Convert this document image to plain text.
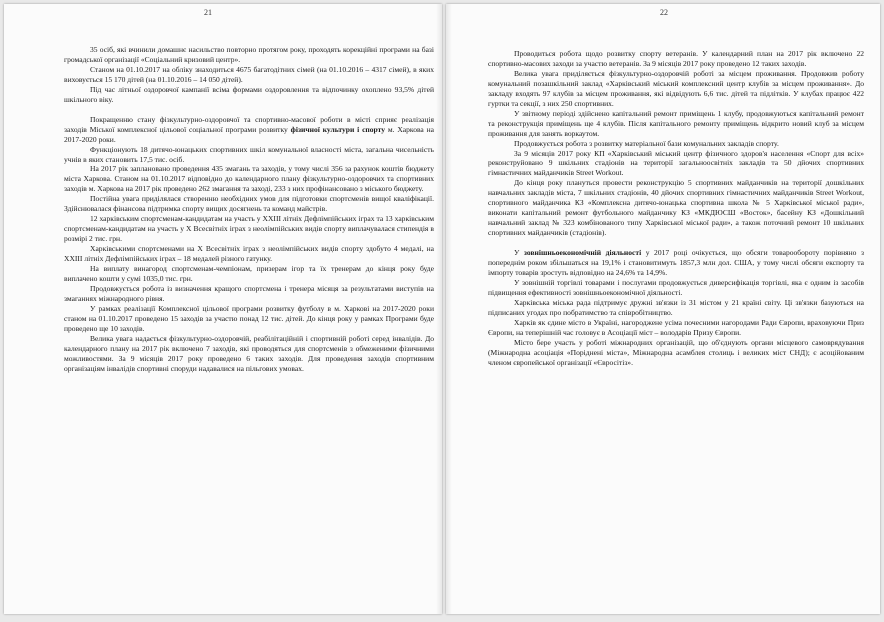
21

35 осіб, які вчинили домашнє насильство повторно протягом року, проходять корекційні програми на базі громадської організації «Соціальний кризовий центр».

Станом на 01.10.2017 на обліку знаходиться 4675 багатодітних сімей (на 01.10.2016 – 4317 сімей), в яких виховується 15 170 дітей (на 01.10.2016 – 14 050 дітей).

Під час літньої оздоровчої кампанії всіма формами оздоровлення та відпочинку охоплено 93,5% дітей шкільного віку.

Покращенню стану фізкультурно-оздоровчої та спортивно-масової роботи в місті сприяє реалізація заходів Міської комплексної цільової соціальної програми розвитку фізичної культури і спорту м. Харкова на 2017-2020 роки.

Функціонують 18 дитячо-юнацьких спортивних шкіл комунальної власності міста, загальна чисельність учнів в яких становить 17,5 тис. осіб.

На 2017 рік заплановано проведення 435 змагань та заходів, у тому числі 356 за рахунок коштів бюджету міста Харкова. Станом на 01.10.2017 відповідно до календарного плану фізкультурно-оздоровчих та спортивних заходів м. Харкова на 2017 рік проведено 262 змагання та заході, 233 з них профінансовано з міського бюджету.

Постійна увага приділялася створенню необхідних умов для підготовки спортсменів вищої кваліфікації. Здійснювалася фінансова підтримка спорту вищих досягнень та команд майстрів.

12 харківським спортсменам-кандидатам на участь у XXIII літніх Дефлімпійських іграх та 13 харківським спортсменам-кандидатам на участь у Х Всесвітніх іграх з неолімпійських видів спорту виплачувалася стипендія в розмірі 2 тис. грн.

Харківськими спортсменами на Х Всесвітніх іграх з неолімпійських видів спорту здобуто 4 медалі, на XXIII літніх Дефлімпійських іграх – 18 медалей різного гатунку.

На виплату винагород спортсменам-чемпіонам, призерам ігор та їх тренерам до кінця року буде виплачено кошти у сумі 1035,0 тис. грн.

Продовжується робота із визначення кращого спортсмена і тренера місяця за результатами виступів на змаганнях міжнародного рівня.

У рамках реалізації Комплексної цільової програми розвитку футболу в м. Харкові на 2017-2020 роки станом на 01.10.2017 проведено 15 заходів за участю понад 12 тис. дітей. До кінця року у рамках Програми буде проведено ще 10 заходів.

Велика увага надається фізкультурно-оздоровчій, реабілітаційній і спортивній роботі серед інвалідів. До календарного плану на 2017 рік включено 7 заходів, які проводяться для спортсменів з обмеженими фізичними можливостями. За 9 місяців 2017 року проведено 6 таких заходів. Для проведення заходів спортивним організаціям інвалідів спортивні споруди надавалися на пільгових умовах.

22

Проводиться робота щодо розвитку спорту ветеранів. У календарний план на 2017 рік включено 22 спортивно-масових заходи за участю ветеранів. За 9 місяців 2017 року проведено 12 таких заходів.

Велика увага приділяється фізкультурно-оздоровчій роботі за місцем проживання. Продовжив роботу комунальний позашкільний заклад «Харківський міський комплексний центр клубів за місцем проживання». До закладу входять 97 клубів за місцем проживання, які відвідують 6,6 тис. дітей та підлітків. У клубах працює 422 гуртки та секції, з них 250 спортивних.

У звітному періоді здійснено капітальний ремонт приміщень 1 клубу, продовжуються капітальний ремонт та реконструкція приміщень ще 4 клубів. Після капітального ремонту приміщень відкрито новий клуб за місцем проживання для занять воркаутом.

Продовжується робота з розвитку матеріальної бази комунальних закладів спорту.

За 9 місяців 2017 року КП «Харківський міський центр фізичного здоров'я населення «Спорт для всіх» реконструйовано 9 шкільних стадіонів на території загальноосвітніх закладів та 50 дйочих спортивних гімнастичних майданчиків Street Workout.

До кінця року плануться провести реконструкцію 5 спортивних майданчиків на території дошкільних навчальних закладів міста, 7 шкільних стадіонів, 40 дйочих спортивних гімнастичних майданчиків Street Workout, спортивного майданчика КЗ «Комплексна дитячо-юнацька спортивна школа № 5 Харківської міської ради», виконати капітальний ремонт футбольного майданчику КЗ «МКДЮСШ «Восток», басейну КЗ «Дошкільний навчальний заклад № 323 комбінованого типу Харківської міської ради», а також поточний ремонт 10 шкільних спортивних майданчиків (стадіонів).

У зовнішньоекономічній діяльності у 2017 році очікується, що обсяги товарообороту порівняно з попереднім роком збільшаться на 19,1% і становитимуть 1857,3 млн дол. США, у тому числі обсяги експорту та імпорту товарів зростуть відповідно на 24,6% та 14,9%.

У зовнішній торгівлі товарами і послугами продовжується диверсифікація торгівлі, яка є одним із засобів підвищення ефективності зовнішньоекономічної діяльності.

Харківська міська рада підтримує дружні зв'язки із 31 містом у 21 країні світу. Ці зв'язки базуються на підписаних угодах про побратимство та співробітництво.

Харків як єдине місто в Україні, нагороджене усіма почесними нагородами Ради Європи, враховуючи Приз Європи, на теперішній час головує в Асоціації міст – володарів Призу Європи.

Місто бере участь у роботі міжнародних організацій, що об'єднують органи місцевого самоврядування (Міжнародна асоціація «Поріднені міста», Міжнародна асамблея столиць і великих міст СНД); є асоційованим членом європейської організації «Євросітіз».
